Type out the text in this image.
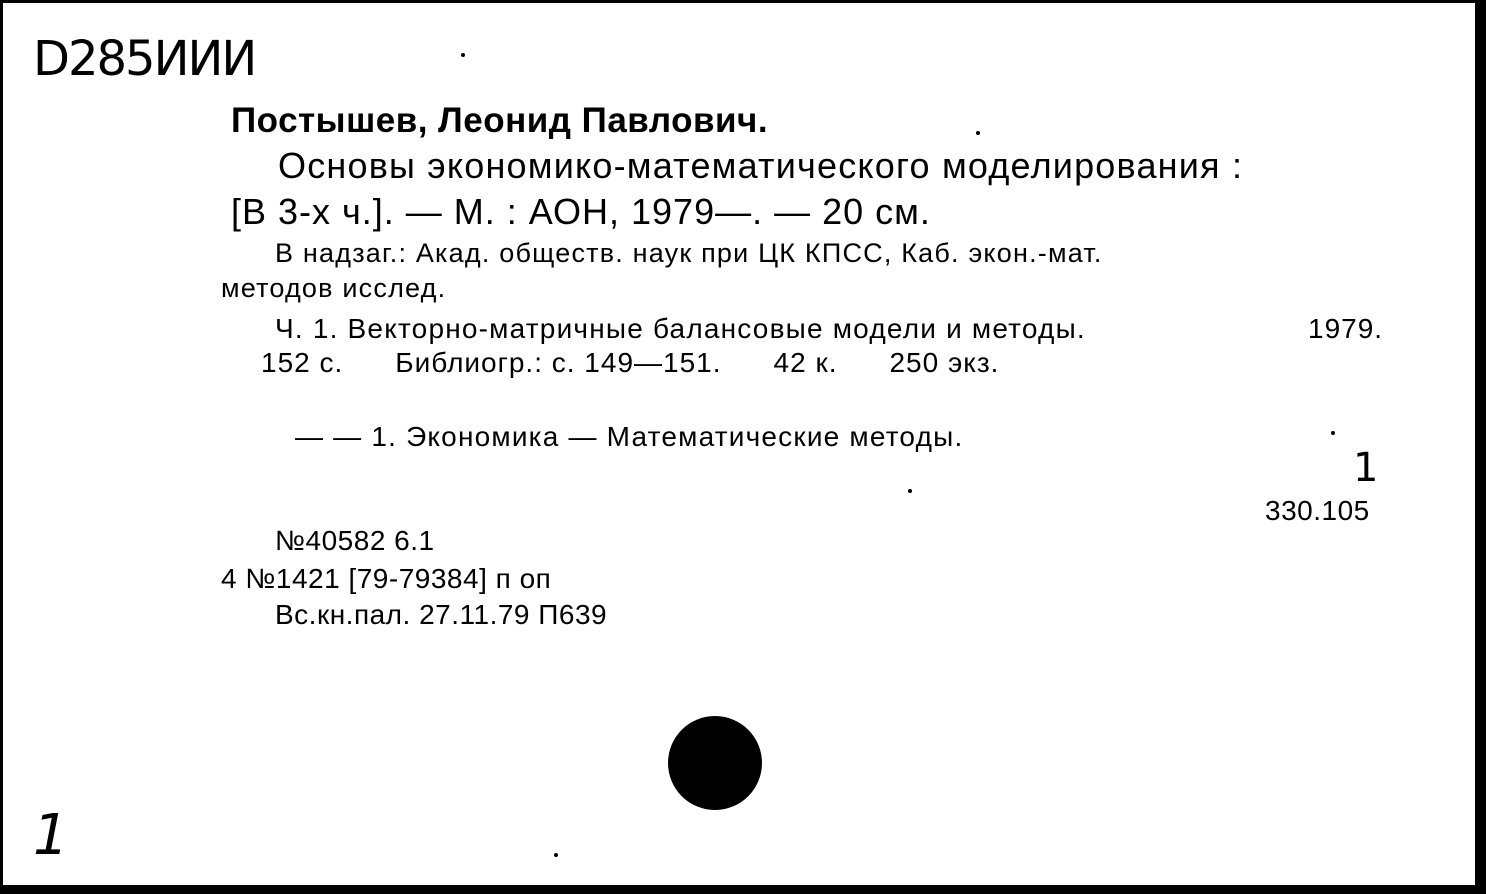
D285ИИИ
Постышев, Леонид Павлович.
Основы экономико-математического моделирования :
[В 3-х ч.]. — М. : АОН, 1979—. — 20 см.
В надзаг.: Акад. обществ. наук при ЦК КПСС, Каб. экон.-мат.
методов исслед.
Ч. 1. Векторно-матричные балансовые модели и методы.	1979.
152 с. Библиогр.: с. 149—151. 42 к. 250 экз.
— — 1. Экономика — Математические методы.
1
330.105
№40582 6.1
4 №1421 [79-79384] п оп
Вс.кн.пал. 27.11.79 П639
1
